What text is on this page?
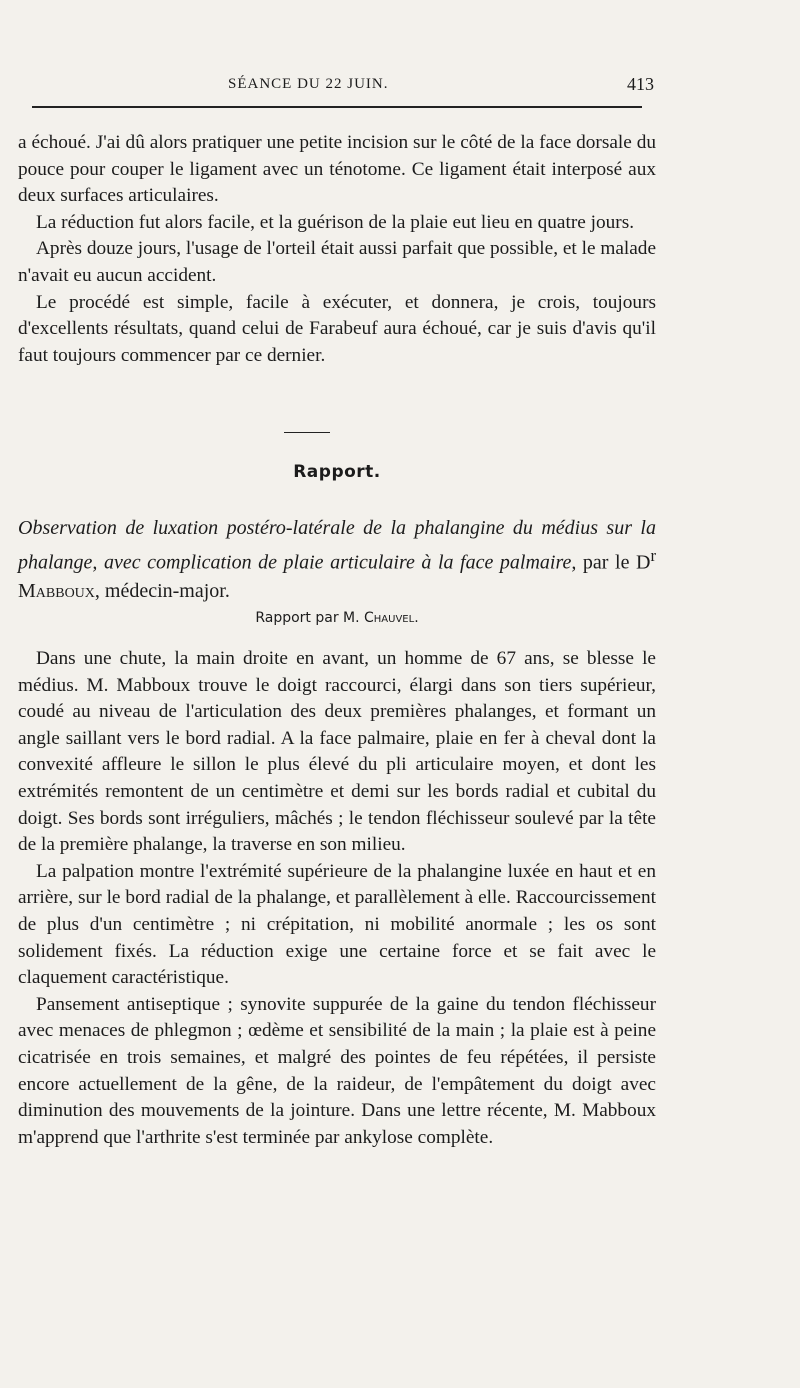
SÉANCE DU 22 JUIN.	413

a échoué. J'ai dû alors pratiquer une petite incision sur le côté de la face dorsale du pouce pour couper le ligament avec un ténotome. Ce ligament était interposé aux deux surfaces articulaires.

La réduction fut alors facile, et la guérison de la plaie eut lieu en quatre jours.

Après douze jours, l'usage de l'orteil était aussi parfait que possible, et le malade n'avait eu aucun accident.

Le procédé est simple, facile à exécuter, et donnera, je crois, toujours d'excellents résultats, quand celui de Farabeuf aura échoué, car je suis d'avis qu'il faut toujours commencer par ce dernier.

Rapport.
Observation de luxation postéro-latérale de la phalangine du médius sur la phalange, avec complication de plaie articulaire à la face palmaire, par le $D^r$ Mabboux, médecin-major.
Rapport par M. Chauvel.

Dans une chute, la main droite en avant, un homme de 67 ans, se blesse le médius. M. Mabboux trouve le doigt raccourci, élargi dans son tiers supérieur, coudé au niveau de l'articulation des deux premières phalanges, et formant un angle saillant vers le bord radial. A la face palmaire, plaie en fer à cheval dont la convexité affleure le sillon le plus élevé du pli articulaire moyen, et dont les extrémités remontent de un centimètre et demi sur les bords radial et cubital du doigt. Ses bords sont irréguliers, mâchés ; le tendon fléchisseur soulevé par la tête de la première phalange, la traverse en son milieu.

La palpation montre l'extrémité supérieure de la phalangine luxée en haut et en arrière, sur le bord radial de la phalange, et parallèlement à elle. Raccourcissement de plus d'un centimètre ; ni crépitation, ni mobilité anormale ; les os sont solidement fixés. La réduction exige une certaine force et se fait avec le claquement caractéristique.

Pansement antiseptique ; synovite suppurée de la gaine du tendon fléchisseur avec menaces de phlegmon ; œdème et sensibilité de la main ; la plaie est à peine cicatrisée en trois semaines, et malgré des pointes de feu répétées, il persiste encore actuellement de la gêne, de la raideur, de l'empâtement du doigt avec diminution des mouvements de la jointure. Dans une lettre récente, M. Mabboux m'apprend que l'arthrite s'est terminée par ankylose complète.
